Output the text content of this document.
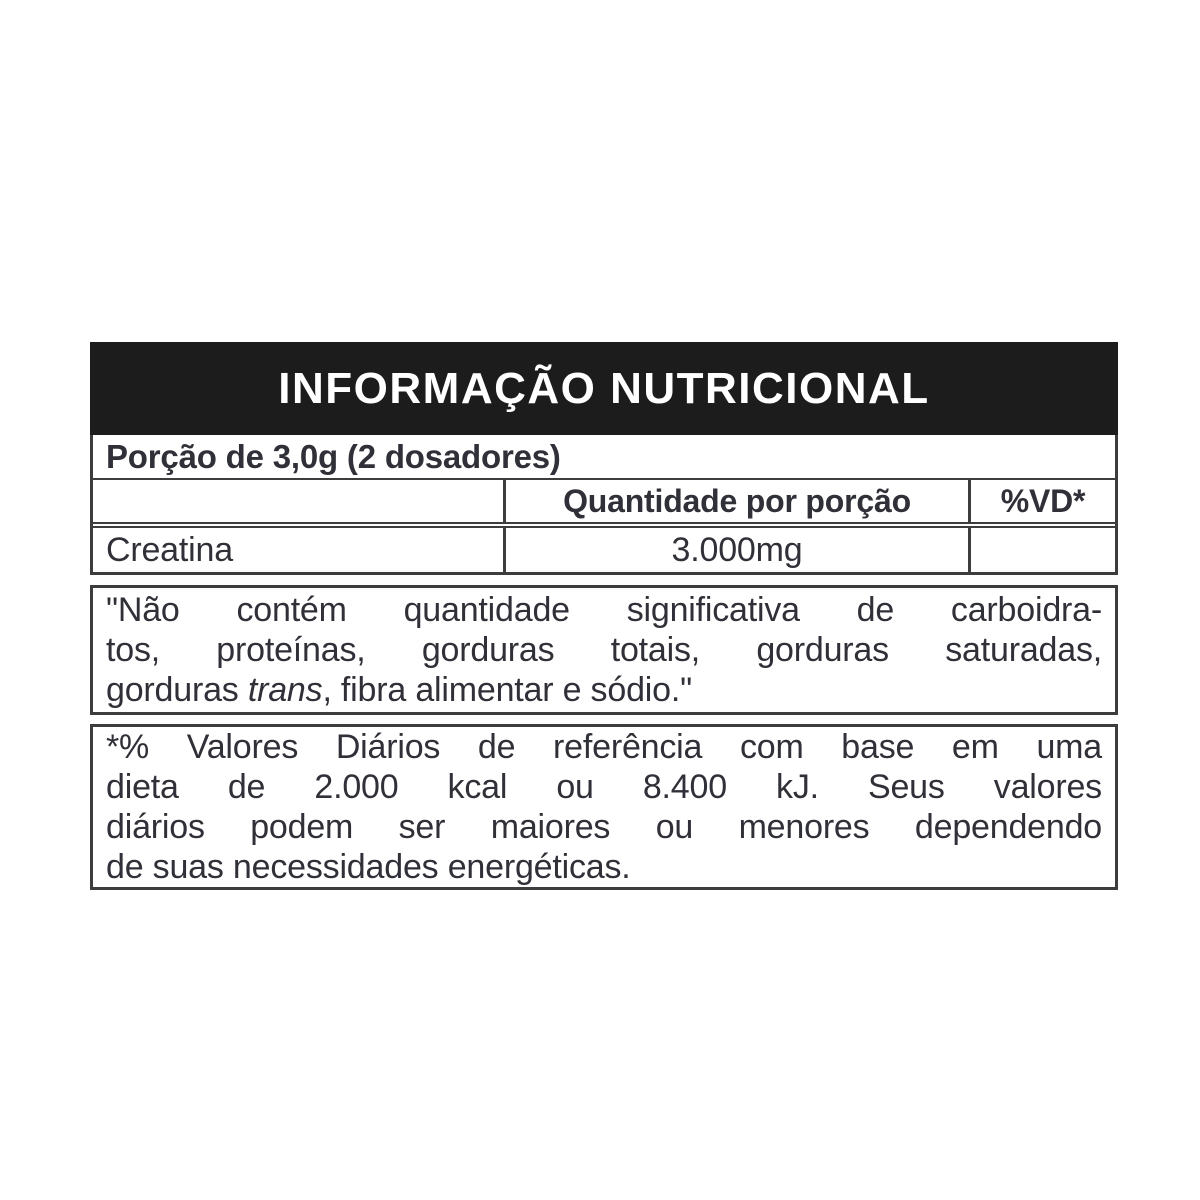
INFORMAÇÃO NUTRICIONAL
Porção de 3,0g (2 dosadores)
Quantidade por porção	%VD*
Creatina	3.000mg
"Não contém quantidade significativa de carboidra-
tos, proteínas, gorduras totais, gorduras saturadas,
gorduras trans, fibra alimentar e sódio."
*% Valores Diários de referência com base em uma
dieta de 2.000 kcal ou 8.400 kJ. Seus valores
diários podem ser maiores ou menores dependendo
de suas necessidades energéticas.
